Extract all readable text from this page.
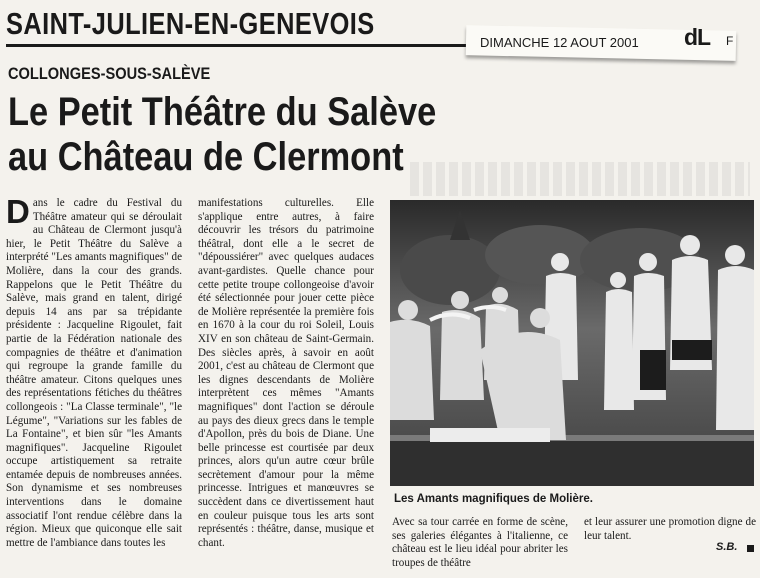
SAINT-JULIEN-EN-GENEVOIS
DIMANCHE 12 AOUT 2001 dL F
COLLONGES-SOUS-SALÈVE
Le Petit Théâtre du Salève
au Château de Clermont
Dans le cadre du Festival du Théâtre amateur qui se déroulait au Château de Clermont jusqu'à hier, le Petit Théâtre du Salève a interprété "Les amants magnifiques" de Molière, dans la cour des grands. Rappelons que le Petit Théâtre du Salève, mais grand en talent, dirigé depuis 14 ans par sa trépidante présidente : Jacqueline Rigoulet, fait partie de la Fédération nationale des compagnies de théâtre et d'animation qui regroupe la grande famille du théâtre amateur. Citons quelques unes des représentations fétiches du théâtres collongeois : "La Classe terminale", "le Légume", "Variations sur les fables de La Fontaine", et bien sûr "les Amants magnifiques". Jacqueline Rigoulet occupe artistiquement sa retraite entamée depuis de nombreuses années. Son dynamisme et ses nombreuses interventions dans le domaine associatif l'ont rendue célèbre dans la région. Mieux que quiconque elle sait mettre de l'ambiance dans toutes les
manifestations culturelles. Elle s'applique entre autres, à faire découvrir les trésors du patrimoine théâtral, dont elle a le secret de "dépoussiérer" avec quelques audaces avant-gardistes. Quelle chance pour cette petite troupe collongeoise d'avoir été sélectionnée pour jouer cette pièce de Molière représentée la première fois en 1670 à la cour du roi Soleil, Louis XIV en son château de Saint-Germain. Des siècles après, à savoir en août 2001, c'est au château de Clermont que les dignes descendants de Molière interprètent ces mêmes "Amants magnifiques" dont l'action se déroule au pays des dieux grecs dans le temple d'Apollon, près du bois de Diane. Une belle princesse est courtisée par deux princes, alors qu'un autre cœur brûle secrètement d'amour pour la même princesse. Intrigues et manœuvres se succèdent dans ce divertissement haut en couleur puisque tous les arts sont représentés : théâtre, danse, musique et chant.
Avec sa tour carrée en forme de scène, ses galeries élégantes à l'italienne, ce château est le lieu idéal pour abriter les troupes de théâtre
et leur assurer une promotion digne de leur talent.
S.B.
Les Amants magnifiques de Molière.
